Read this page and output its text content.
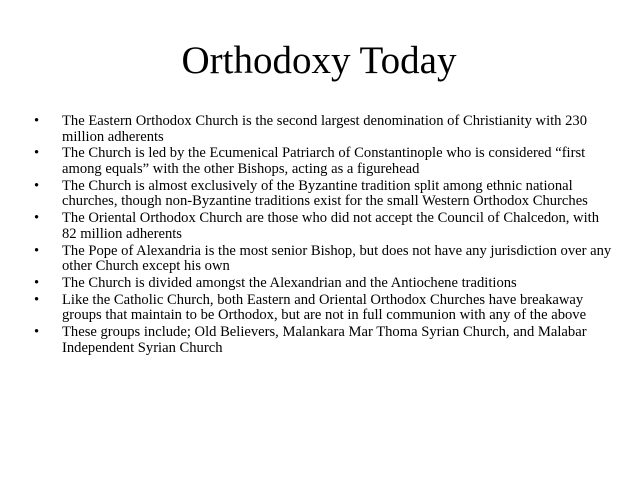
Orthodoxy Today
•	The Eastern Orthodox Church is the second largest denomination of Christianity with 230 million adherents
•	The Church is led by the Ecumenical Patriarch of Constantinople who is considered “first among equals” with the other Bishops, acting as a figurehead
•	The Church is almost exclusively of the Byzantine tradition split among ethnic national churches, though non-Byzantine traditions exist for the small Western Orthodox Churches
•	The Oriental Orthodox Church are those who did not accept the Council of Chalcedon, with 82 million adherents
•	The Pope of Alexandria is the most senior Bishop, but does not have any jurisdiction over any other Church except his own
•	The Church is divided amongst the Alexandrian and the Antiochene traditions
•	Like the Catholic Church, both Eastern and Oriental Orthodox Churches have breakaway groups that maintain to be Orthodox, but are not in full communion with any of the above
•	These groups include; Old Believers, Malankara Mar Thoma Syrian Church, and Malabar Independent Syrian Church
